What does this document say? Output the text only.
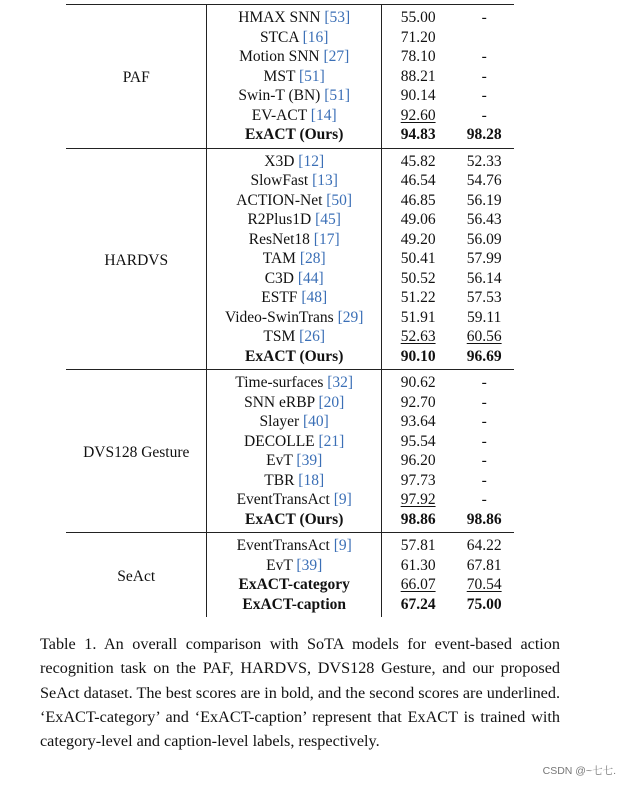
PAF	HMAX SNN [53]	55.00	-
	STCA [16]	71.20	
	Motion SNN [27]	78.10	-
	MST [51]	88.21	-
	Swin-T (BN) [51]	90.14	-
	EV-ACT [14]	92.60	-
	ExACT (Ours)	94.83	98.28
HARDVS	X3D [12]	45.82	52.33
	SlowFast [13]	46.54	54.76
	ACTION-Net [50]	46.85	56.19
	R2Plus1D [45]	49.06	56.43
	ResNet18 [17]	49.20	56.09
	TAM [28]	50.41	57.99
	C3D [44]	50.52	56.14
	ESTF [48]	51.22	57.53
	Video-SwinTrans [29]	51.91	59.11
	TSM [26]	52.63	60.56
	ExACT (Ours)	90.10	96.69
DVS128 Gesture	Time-surfaces [32]	90.62	-
	SNN eRBP [20]	92.70	-
	Slayer [40]	93.64	-
	DECOLLE [21]	95.54	-
	EvT [39]	96.20	-
	TBR [18]	97.73	-
	EventTransAct [9]	97.92	-
	ExACT (Ours)	98.86	98.86
SeAct	EventTransAct [9]	57.81	64.22
	EvT [39]	61.30	67.81
	ExACT-category	66.07	70.54
	ExACT-caption	67.24	75.00
Table 1. An overall comparison with SoTA models for event-based action recognition task on the PAF, HARDVS, DVS128 Gesture, and our proposed SeAct dataset. The best scores are in bold, and the second scores are underlined. ‘ExACT-category’ and ‘ExACT-caption’ represent that ExACT is trained with category-level and caption-level labels, respectively.
CSDN @~七七.
